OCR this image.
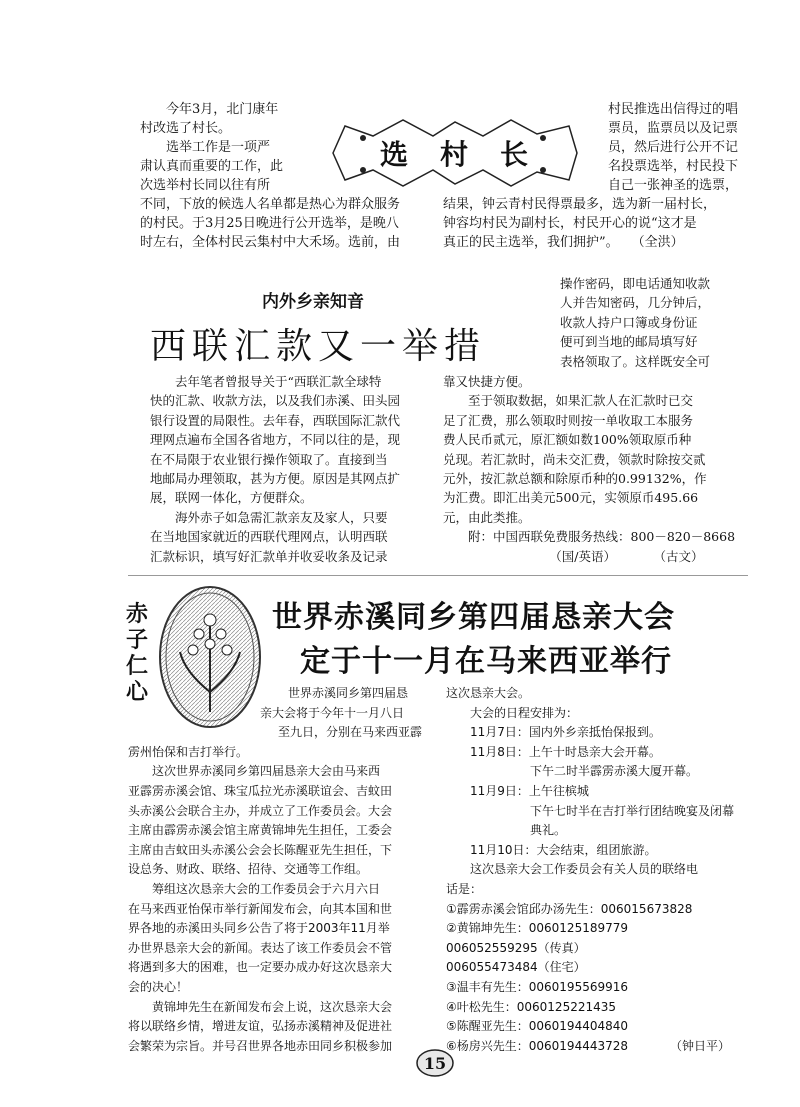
　　今年3月，北门康年
村改选了村长。
　　选举工作是一项严
肃认真而重要的工作，此
次选举村长同以往有所
不同，下放的候选人名单都是热心为群众服务
的村民。于3月25日晚进行公开选举，是晚八
时左右，全体村民云集村中大禾场。选前，由
选 村 长
村民推选出信得过的唱
票员，监票员以及记票
员，然后进行公开不记
名投票选举，村民投下
自己一张神圣的选票，
结果，钟云青村民得票最多，选为新一届村长，
钟容均村民为副村长，村民开心的说“这才是
真正的民主选举，我们拥护”。　　（全洪）
内外乡亲知音
西联汇款又一举措
操作密码，即电话通知收款
人并告知密码，几分钟后，
收款人持户口簿或身份证
便可到当地的邮局填写好
表格领取了。这样既安全可
　　去年笔者曾报导关于“西联汇款全球特
快的汇款、收款方法，以及我们赤溪、田头园
银行设置的局限性。去年春，西联国际汇款代
理网点遍布全国各省地方，不同以往的是，现
在不局限于农业银行操作领取了。直接到当
地邮局办理领取，甚为方便。原因是其网点扩
展，联网一体化，方便群众。
　　海外赤子如急需汇款亲友及家人，只要
在当地国家就近的西联代理网点，认明西联
汇款标识，填写好汇款单并收妥收条及记录
靠又快捷方便。
　　至于领取数据，如果汇款人在汇款时已交
足了汇费，那么领取时则按一单收取工本服务
费人民币贰元，原汇额如数100%领取原币种
兑现。若汇款时，尚未交汇费，领款时除按交贰
元外，按汇款总额和除原币种的0.99132%，作
为汇费。即汇出美元500元，实领原币495.66
元，由此类推。
　　附：中国西联免费服务热线：800－820－8668
　　　　　　　　　（国/英语）　　　　（古文）
赤
子
仁
心
世界赤溪同乡第四届恳亲大会
定于十一月在马来西亚举行
世界赤溪同乡第四届恳
亲大会将于今年十一月八日
至九日，分别在马来西亚霹
雳州怡保和吉打举行。
　　这次世界赤溪同乡第四届恳亲大会由马来西
亚霹雳赤溪会馆、珠宝瓜拉光赤溪联谊会、吉蚊田
头赤溪公会联合主办，并成立了工作委员会。大会
主席由霹雳赤溪会馆主席黄锦坤先生担任，工委会
主席由吉蚊田头赤溪公会会长陈醒亚先生担任，下
设总务、财政、联络、招待、交通等工作组。
　　筹组这次恳亲大会的工作委员会于六月六日
在马来西亚怡保市举行新闻发布会，向其本国和世
界各地的赤溪田头同乡公告了将于2003年11月举
办世界恳亲大会的新闻。表达了该工作委员会不管
将遇到多大的困难，也一定要办成办好这次恳亲大
会的决心！
　　黄锦坤先生在新闻发布会上说，这次恳亲大会
将以联络乡情，增进友谊，弘扬赤溪精神及促进社
会繁荣为宗旨。并号召世界各地赤田同乡积极参加
这次恳亲大会。
　　大会的日程安排为：
　　11月7日：国内外乡亲抵怡保报到。
　　11月8日：上午十时恳亲大会开幕。
　　　　　　　下午二时半霹雳赤溪大厦开幕。
　　11月9日：上午往槟城
　　　　　　　下午七时半在吉打举行团结晚宴及闭幕
　　　　　　　典礼。
　　11月10日：大会结束，组团旅游。
　　这次恳亲大会工作委员会有关人员的联络电
话是：
①霹雳赤溪会馆邱办汤先生：006015673828
②黄锦坤先生：0060125189779
006052559295（传真）
006055473484（住宅）
③温丰有先生：0060195569916
④叶松先生：0060125221435
⑤陈醒亚先生：0060194404840
⑥杨房兴先生：0060194443728　　　　（钟日平）
15
